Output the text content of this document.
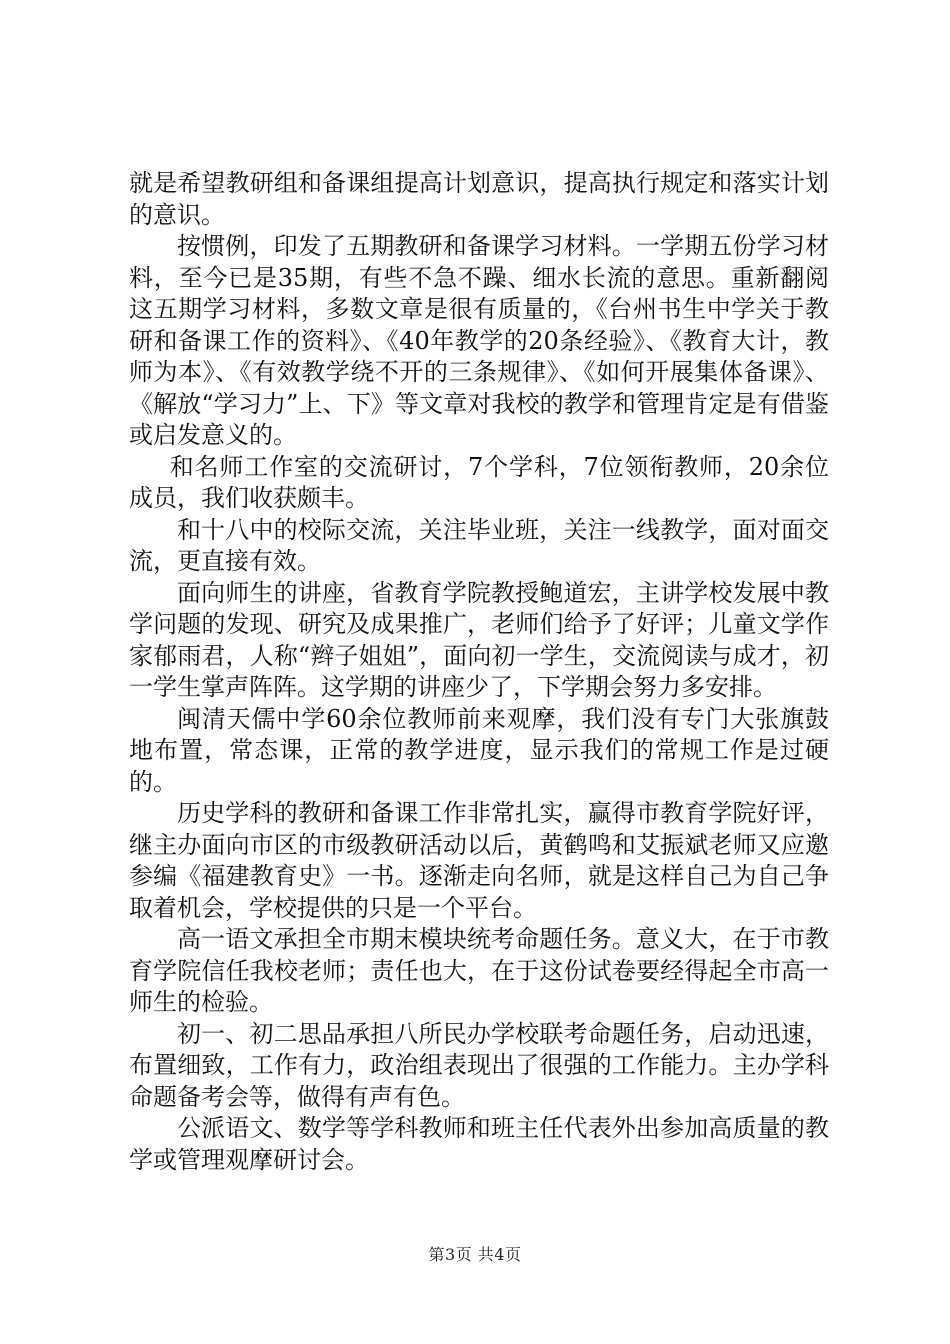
就是希望教研组和备课组提高计划意识，提高执行规定和落实计划的意识。

按惯例，印发了五期教研和备课学习材料。一学期五份学习材料，至今已是35期，有些不急不躁、细水长流的意思。重新翻阅这五期学习材料，多数文章是很有质量的，《台州书生中学关于教研和备课工作的资料》、《40年教学的20条经验》、《教育大计，教师为本》、《有效教学绕不开的三条规律》、《如何开展集体备课》、《解放“学习力”上、下》等文章对我校的教学和管理肯定是有借鉴或启发意义的。

和名师工作室的交流研讨，7个学科，7位领衔教师，20余位成员，我们收获颇丰。

和十八中的校际交流，关注毕业班，关注一线教学，面对面交流，更直接有效。

面向师生的讲座，省教育学院教授鲍道宏，主讲学校发展中教学问题的发现、研究及成果推广，老师们给予了好评；儿童文学作家郁雨君，人称“辫子姐姐”，面向初一学生，交流阅读与成才，初一学生掌声阵阵。这学期的讲座少了，下学期会努力多安排。

闽清天儒中学60余位教师前来观摩，我们没有专门大张旗鼓地布置，常态课，正常的教学进度，显示我们的常规工作是过硬的。

历史学科的教研和备课工作非常扎实，赢得市教育学院好评，继主办面向市区的市级教研活动以后，黄鹤鸣和艾振斌老师又应邀参编《福建教育史》一书。逐渐走向名师，就是这样自己为自己争取着机会，学校提供的只是一个平台。

高一语文承担全市期末模块统考命题任务。意义大，在于市教育学院信任我校老师；责任也大，在于这份试卷要经得起全市高一师生的检验。

初一、初二思品承担八所民办学校联考命题任务，启动迅速，布置细致，工作有力，政治组表现出了很强的工作能力。主办学科命题备考会等，做得有声有色。

公派语文、数学等学科教师和班主任代表外出参加高质量的教学或管理观摩研讨会。

第3页 共4页
